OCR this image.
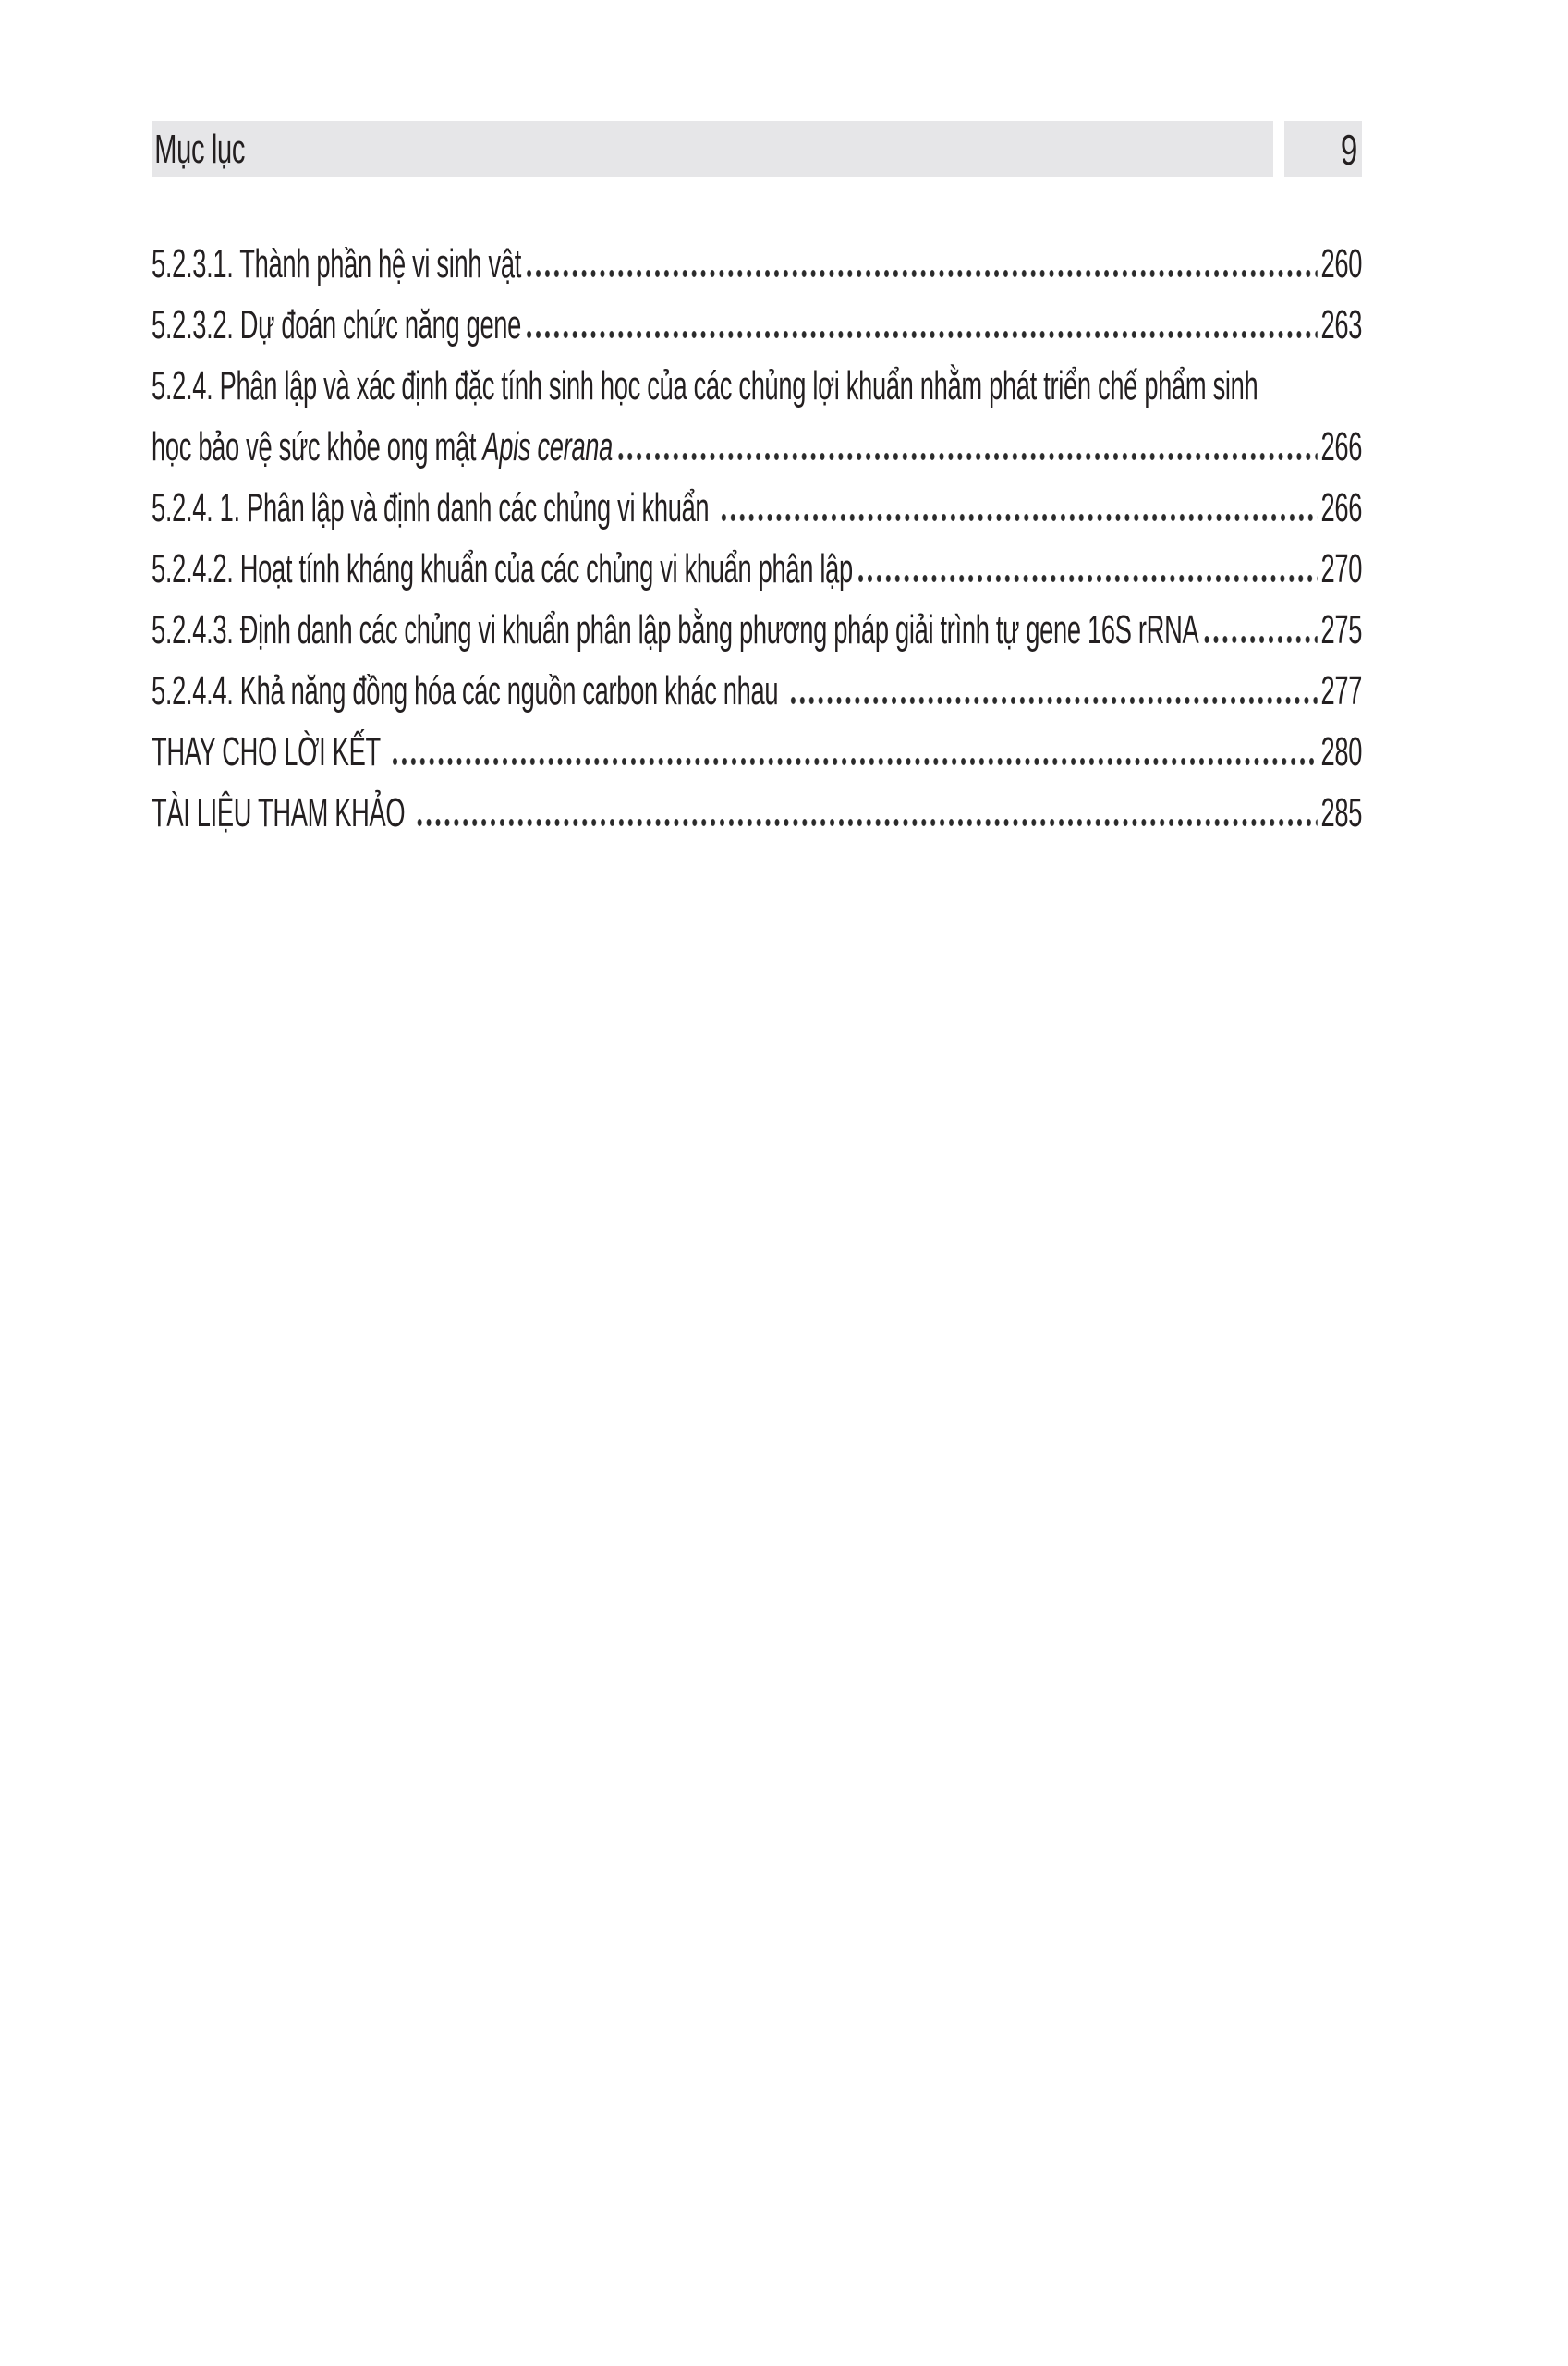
Mục lục	9
5.2.3.1. Thành phần hệ vi sinh vật	260
5.2.3.2. Dự đoán chức năng gene	263
5.2.4. Phân lập và xác định đặc tính sinh học của các chủng lợi khuẩn nhằm phát triển chế phẩm sinh
học bảo vệ sức khỏe ong mật Apis cerana	266
5.2.4. 1. Phân lập và định danh các chủng vi khuẩn	266
5.2.4.2. Hoạt tính kháng khuẩn của các chủng vi khuẩn phân lập	270
5.2.4.3. Định danh các chủng vi khuẩn phân lập bằng phương pháp giải trình tự gene 16S rRNA	275
5.2.4.4. Khả năng đồng hóa các nguồn carbon khác nhau	277
THAY CHO LỜI KẾT	280
TÀI LIỆU THAM KHẢO	285
